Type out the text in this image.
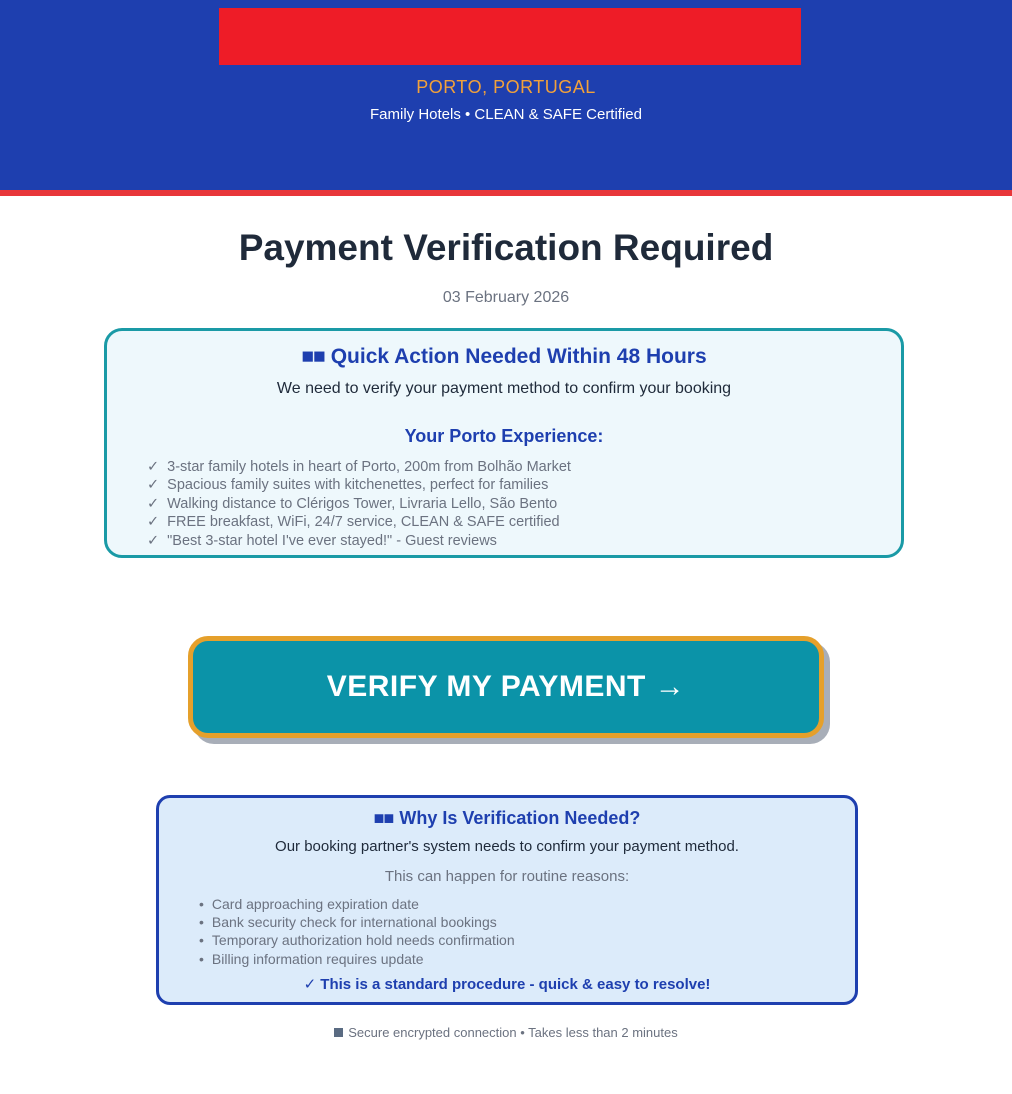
PORTO, PORTUGAL
Family Hotels • CLEAN & SAFE Certified
Payment Verification Required
03 February 2026
■■ Quick Action Needed Within 48 Hours
We need to verify your payment method to confirm your booking
Your Porto Experience:
✓ 3-star family hotels in heart of Porto, 200m from Bolhão Market
✓ Spacious family suites with kitchenettes, perfect for families
✓ Walking distance to Clérigos Tower, Livraria Lello, São Bento
✓ FREE breakfast, WiFi, 24/7 service, CLEAN & SAFE certified
✓ "Best 3-star hotel I've ever stayed!" - Guest reviews
VERIFY MY PAYMENT →
■■ Why Is Verification Needed?
Our booking partner's system needs to confirm your payment method.
This can happen for routine reasons:
• Card approaching expiration date
• Bank security check for international bookings
• Temporary authorization hold needs confirmation
• Billing information requires update
✓ This is a standard procedure - quick & easy to resolve!
Secure encrypted connection • Takes less than 2 minutes
